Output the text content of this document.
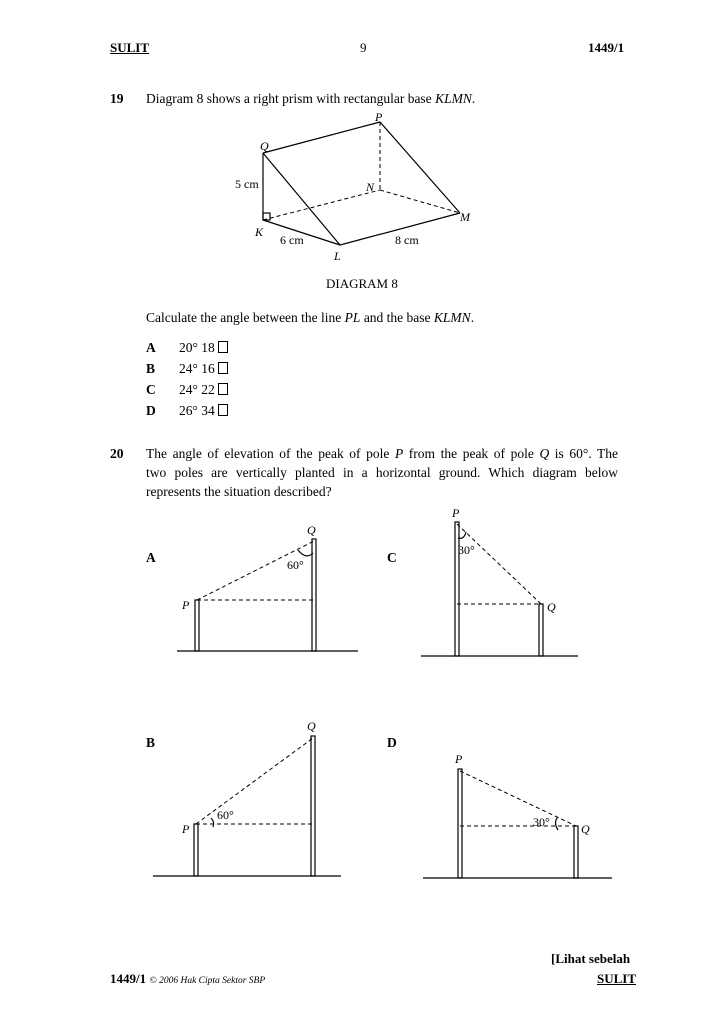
SULIT	9	1449/1
19 Diagram 8 shows a right prism with rectangular base KLMN.
P
Q
N
M
K
L
5 cm
6 cm	8 cm
DIAGRAM 8
Calculate the angle between the line PL and the base KLMN.
A 20° 18
B 24° 16
C 24° 22
D 26° 34
20 The angle of elevation of the peak of pole P from the peak of pole Q is 60°. The
two poles are vertically planted in a horizontal ground. Which diagram below
represents the situation described?
A
Q
60°
P
B
Q
60°
P
C
P
30°
Q
D
P
30°	Q
[Lihat sebelah
1449/1 © 2006 Hak Cipta Sektor SBP	SULIT
